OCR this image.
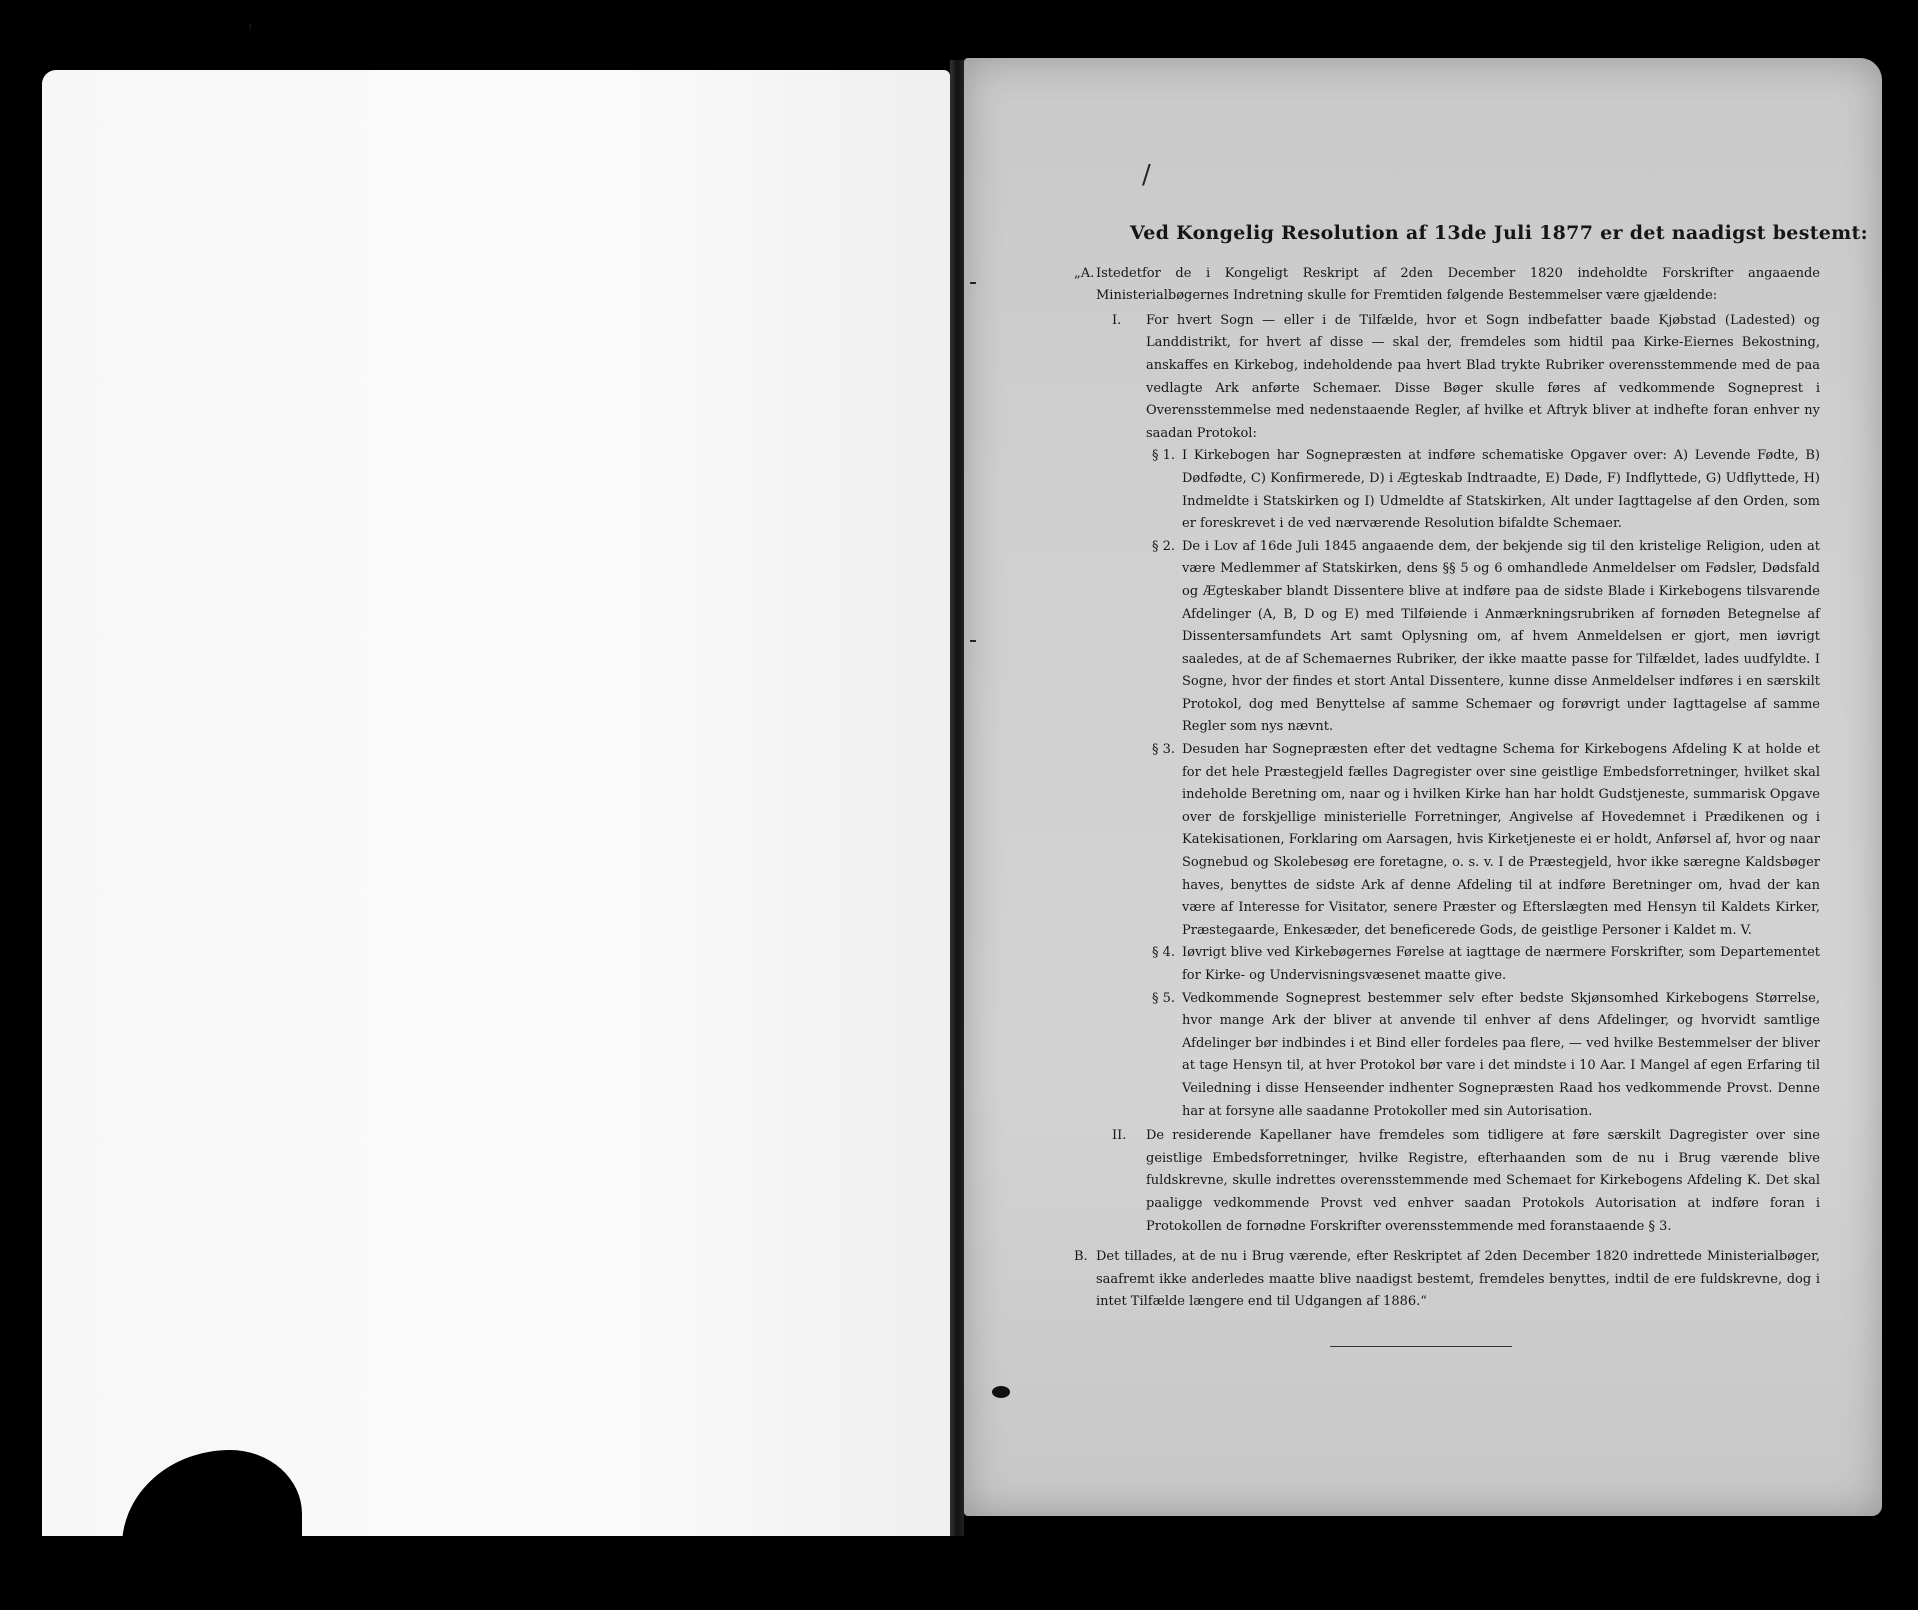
ʼ
/
Ved Kongelig Resolution af 13de Juli 1877 er det naadigst bestemt:
„A. Istedetfor de i Kongeligt Reskript af 2den December 1820 indeholdte Forskrifter angaaende Ministerialbøgernes Indretning skulle for Fremtiden følgende Bestemmelser være gjældende:
I.	For hvert Sogn — eller i de Tilfælde, hvor et Sogn indbefatter baade Kjøbstad (Ladested) og Landdistrikt, for hvert af disse — skal der, fremdeles som hidtil paa Kirke-Eiernes Bekostning, anskaffes en Kirkebog, indeholdende paa hvert Blad trykte Rubriker overensstemmende med de paa vedlagte Ark anførte Schemaer. Disse Bøger skulle føres af vedkommende Sogneprest i Overensstemmelse med nedenstaaende Regler, af hvilke et Aftryk bliver at indhefte foran enhver ny saadan Protokol:
§ 1. I Kirkebogen har Sognepræsten at indføre schematiske Opgaver over: A) Levende Fødte, B) Dødfødte, C) Konfirmerede, D) i Ægteskab Indtraadte, E) Døde, F) Indflyttede, G) Udflyttede, H) Indmeldte i Statskirken og I) Udmeldte af Statskirken, Alt under Iagttagelse af den Orden, som er foreskrevet i de ved nærværende Resolution bifaldte Schemaer.
§ 2. De i Lov af 16de Juli 1845 angaaende dem, der bekjende sig til den kristelige Religion, uden at være Medlemmer af Statskirken, dens §§ 5 og 6 omhandlede Anmeldelser om Fødsler, Dødsfald og Ægteskaber blandt Dissentere blive at indføre paa de sidste Blade i Kirkebogens tilsvarende Afdelinger (A, B, D og E) med Tilføiende i Anmærkningsrubriken af fornøden Betegnelse af Dissentersamfundets Art samt Oplysning om, af hvem Anmeldelsen er gjort, men iøvrigt saaledes, at de af Schemaernes Rubriker, der ikke maatte passe for Tilfældet, lades uudfyldte. I Sogne, hvor der findes et stort Antal Dissentere, kunne disse Anmeldelser indføres i en særskilt Protokol, dog med Benyttelse af samme Schemaer og forøvrigt under Iagttagelse af samme Regler som nys nævnt.
§ 3. Desuden har Sognepræsten efter det vedtagne Schema for Kirkebogens Afdeling K at holde et for det hele Præstegjeld fælles Dagregister over sine geistlige Embedsforretninger, hvilket skal indeholde Beretning om, naar og i hvilken Kirke han har holdt Gudstjeneste, summarisk Opgave over de forskjellige ministerielle Forretninger, Angivelse af Hovedemnet i Prædikenen og i Katekisationen, Forklaring om Aarsagen, hvis Kirketjeneste ei er holdt, Anførsel af, hvor og naar Sognebud og Skolebesøg ere foretagne, o. s. v. I de Præstegjeld, hvor ikke særegne Kaldsbøger haves, benyttes de sidste Ark af denne Afdeling til at indføre Beretninger om, hvad der kan være af Interesse for Visitator, senere Præster og Efterslægten med Hensyn til Kaldets Kirker, Præstegaarde, Enkesæder, det beneficerede Gods, de geistlige Personer i Kaldet m. V.
§ 4. Iøvrigt blive ved Kirkebøgernes Førelse at iagttage de nærmere Forskrifter, som Departementet for Kirke- og Undervisningsvæsenet maatte give.
§ 5. Vedkommende Sogneprest bestemmer selv efter bedste Skjønsomhed Kirkebogens Størrelse, hvor mange Ark der bliver at anvende til enhver af dens Afdelinger, og hvorvidt samtlige Afdelinger bør indbindes i et Bind eller fordeles paa flere, — ved hvilke Bestemmelser der bliver at tage Hensyn til, at hver Protokol bør vare i det mindste i 10 Aar. I Mangel af egen Erfaring til Veiledning i disse Henseender indhenter Sognepræsten Raad hos vedkommende Provst. Denne har at forsyne alle saadanne Protokoller med sin Autorisation.
II.	De residerende Kapellaner have fremdeles som tidligere at føre særskilt Dagregister over sine geistlige Embedsforretninger, hvilke Registre, efterhaanden som de nu i Brug værende blive fuldskrevne, skulle indrettes overensstemmende med Schemaet for Kirkebogens Afdeling K. Det skal paaligge vedkommende Provst ved enhver saadan Protokols Autorisation at indføre foran i Protokollen de fornødne Forskrifter overensstemmende med foranstaaende § 3.
B. Det tillades, at de nu i Brug værende, efter Reskriptet af 2den December 1820 indrettede Ministerialbøger, saafremt ikke anderledes maatte blive naadigst bestemt, fremdeles benyttes, indtil de ere fuldskrevne, dog i intet Tilfælde længere end til Udgangen af 1886.“
